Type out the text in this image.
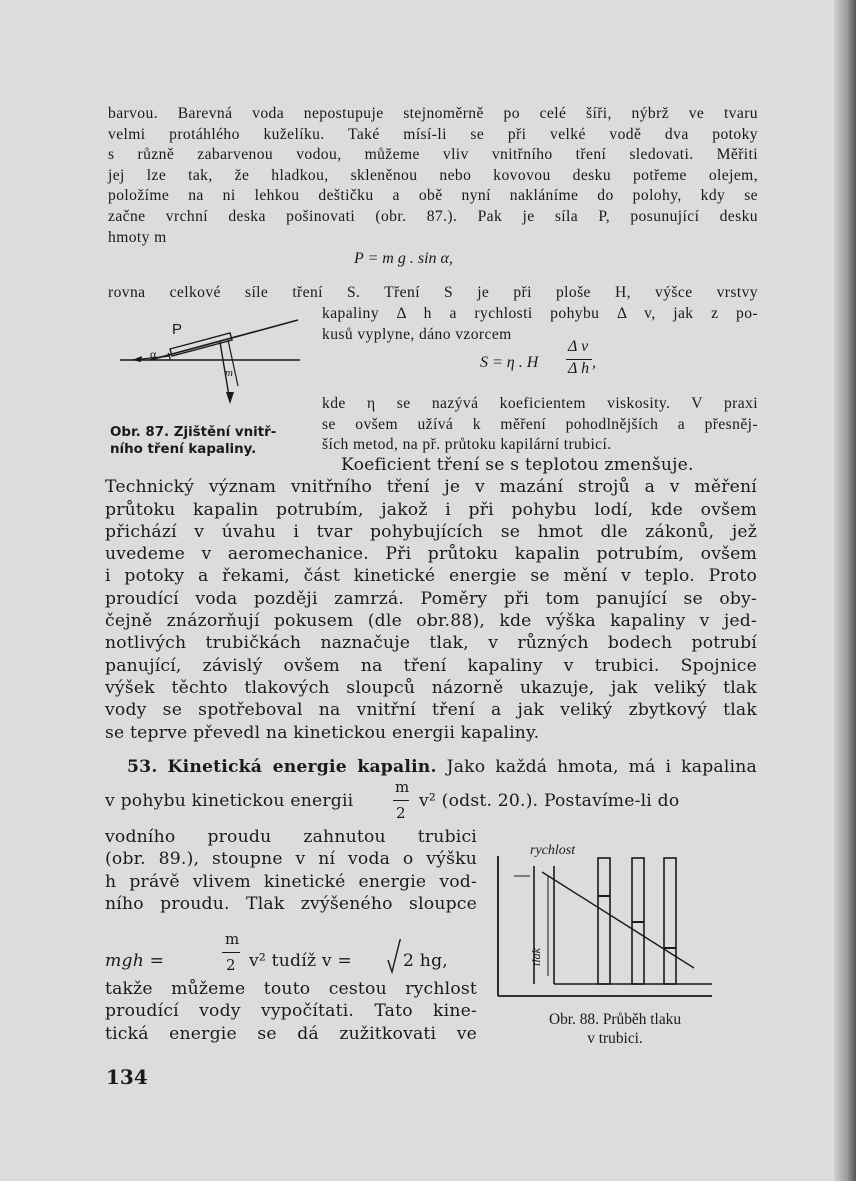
barvou. Barevná voda nepostupuje stejnoměrně po celé šíři, nýbrž ve tvaru
velmi protáhlého kuželíku. Také mísí-li se při velké vodě dva potoky
s různě zabarvenou vodou, můžeme vliv vnitřního tření sledovati. Měřiti
jej lze tak, že hladkou, skleněnou nebo kovovou desku potřeme olejem,
položíme na ni lehkou deštičku a obě nyní nakláníme do polohy, kdy se
začne vrchní deska pošinovati (obr. 87.). Pak je síla P, posunující desku
hmoty m
P = m g . sin α,
rovna celkové síle tření S. Tření S je při ploše H, výšce vrstvy
kapaliny Δ h a rychlosti pohybu Δ v, jak z po-
kusů vyplyne, dáno vzorcem
S = η . H
Δ v
Δ h ,
kde η se nazývá koeficientem viskosity. V praxi
se ovšem užívá k měření pohodlnějších a přesněj-
ších metod, na př. průtoku kapilární trubicí.
P
α
m
Obr. 87. Zjištění vnitř-
ního tření kapaliny.
Koeficient tření se s teplotou zmenšuje.
Technický význam vnitřního tření je v mazání strojů a v měření
průtoku kapalin potrubím, jakož i při pohybu lodí, kde ovšem
přichází v úvahu i tvar pohybujících se hmot dle zákonů, jež
uvedeme v aeromechanice. Při průtoku kapalin potrubím, ovšem
i potoky a řekami, část kinetické energie se mění v teplo. Proto
proudící voda později zamrzá. Poměry při tom panující se oby-
čejně znázorňují pokusem (dle obr.88), kde výška kapaliny v jed-
notlivých trubičkách naznačuje tlak, v různých bodech potrubí
panující, závislý ovšem na tření kapaliny v trubici. Spojnice
výšek těchto tlakových sloupců názorně ukazuje, jak veliký tlak
vody se spotřeboval na vnitřní tření a jak veliký zbytkový tlak
se teprve převedl na kinetickou energii kapaliny.
53. Kinetická energie kapalin. Jako každá hmota, má i kapalina
v pohybu kinetickou energii
m
2
v² (odst. 20.). Postavíme-li do
vodního proudu zahnutou trubici
(obr. 89.), stoupne v ní voda o výšku
h právě vlivem kinetické energie vod-
ního proudu. Tlak zvýšeného sloupce
mgh =
m
2 v² tudíž v =	2 hg,
takže můžeme touto cestou rychlost
proudící vody vypočítati. Tato kine-
tická energie se dá zužitkovati ve
rychlost
tlak
Obr. 88. Průběh tlaku
v trubici.
134
